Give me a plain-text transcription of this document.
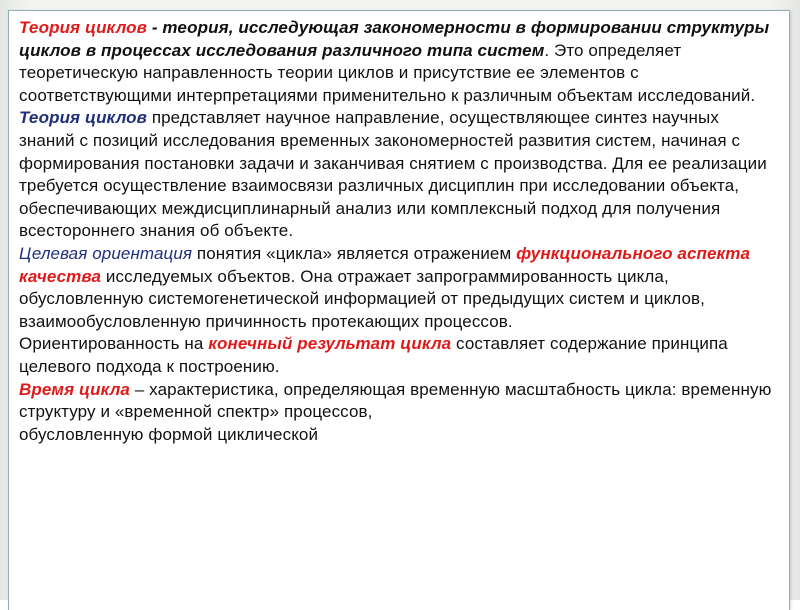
Теория циклов - теория, исследующая закономерности в формировании структуры циклов в процессах исследования различного типа систем. Это определяет теоретическую направленность теории циклов и присутствие ее элементов с соответствующими интерпретациями применительно к различным объектам исследований.
Теория циклов представляет научное направление, осуществляющее синтез научных знаний с позиций исследования временных закономерностей развития систем, начиная с формирования постановки задачи и заканчивая снятием с производства. Для ее реализации требуется осуществление взаимосвязи различных дисциплин при исследовании объекта, обеспечивающих междисциплинарный анализ или комплексный подход для получения всестороннего знания об объекте.
Целевая ориентация понятия «цикла» является отражением функционального аспекта качества исследуемых объектов. Она отражает запрограммированность цикла, обусловленную системогенетической информацией от предыдущих систем и циклов, взаимообусловленную причинность протекающих процессов.
Ориентированность на конечный результат цикла составляет содержание принципа целевого подхода к построению.
Время цикла – характеристика, определяющая временную масштабность цикла: временную структуру и «временной спектр» процессов,
обусловленную формой циклической
